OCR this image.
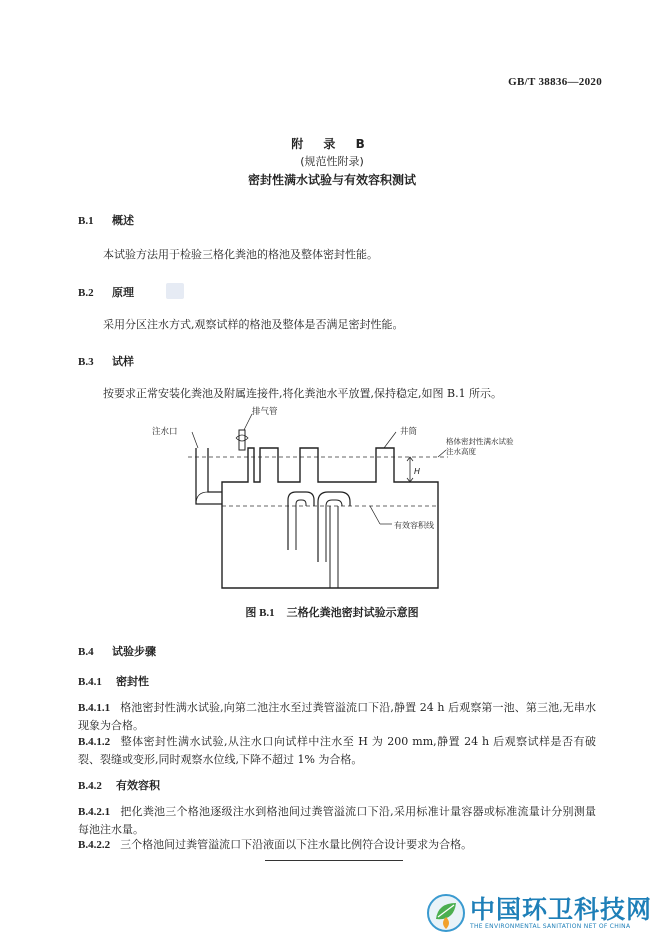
GB/T 38836—2020
附 录 B
(规范性附录)
密封性满水试验与有效容积测试
B.1 概述
本试验方法用于检验三格化粪池的格池及整体密封性能。
B.2 原理
采用分区注水方式,观察试样的格池及整体是否满足密封性能。
B.3 试样
按要求正常安装化粪池及附属连接件,将化粪池水平放置,保持稳定,如图 B.1 所示。
注水口
排气管
井筒
格体密封性满水试验
注水高度
H
有效容积线
图 B.1 三格化粪池密封试验示意图
B.4 试验步骤
B.4.1 密封性
B.4.1.1 格池密封性满水试验,向第二池注水至过粪管溢流口下沿,静置 24 h 后观察第一池、第三池,无串水现象为合格。
B.4.1.2 整体密封性满水试验,从注水口向试样中注水至 H 为 200 mm,静置 24 h 后观察试样是否有破裂、裂缝或变形,同时观察水位线,下降不超过 1% 为合格。
B.4.2 有效容积
B.4.2.1 把化粪池三个格池逐级注水到格池间过粪管溢流口下沿,采用标准计量容器或标准流量计分别测量每池注水量。
B.4.2.2 三个格池间过粪管溢流口下沿液面以下注水量比例符合设计要求为合格。
中国环卫科技网
THE ENVIRONMENTAL SANITATION NET OF CHINA
